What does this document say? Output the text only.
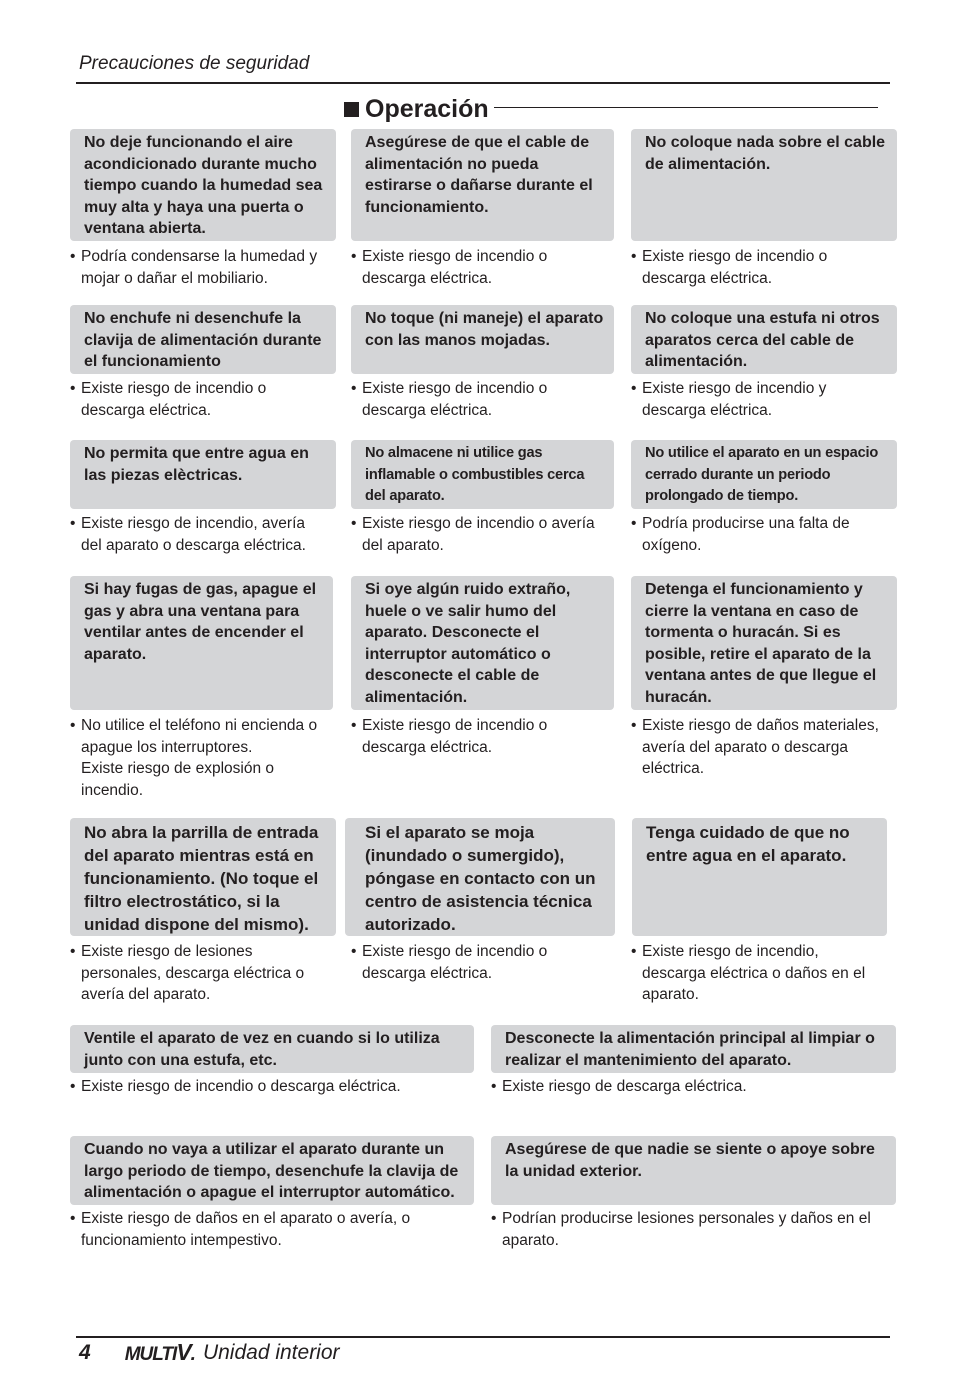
Precauciones de seguridad
Operación
No deje funcionando el aire acondicionado durante mucho tiempo cuando la humedad sea muy alta y haya una puerta o ventana abierta.
• Podría condensarse la humedad y
mojar o dañar el mobiliario.
Asegúrese de que el cable de alimentación no pueda estirarse o dañarse durante el funcionamiento.
• Existe riesgo de incendio o
descarga eléctrica.
No coloque nada sobre el cable de alimentación.
• Existe riesgo de incendio o
descarga eléctrica.
No enchufe ni desenchufe la clavija de alimentación durante el funcionamiento
• Existe riesgo de incendio o
descarga eléctrica.
No toque (ni maneje) el aparato con las manos mojadas.
• Existe riesgo de incendio o
descarga eléctrica.
No coloque una estufa ni otros aparatos cerca del cable de alimentación.
• Existe riesgo de incendio y
descarga eléctrica.
No permita que entre agua en las piezas elèctricas.
• Existe riesgo de incendio, avería
del aparato o descarga eléctrica.
No almacene ni utilice gas inflamable o combustibles cerca del aparato.
• Existe riesgo de incendio o avería
del aparato.
No utilice el aparato en un espacio cerrado durante un periodo prolongado de tiempo.
• Podría producirse una falta de
oxígeno.
Si hay fugas de gas, apague el gas y abra una ventana para ventilar antes de encender el aparato.
• No utilice el teléfono ni encienda o
apague los interruptores.
Existe riesgo de explosión o
incendio.
Si oye algún ruido extraño, huele o ve salir humo del aparato. Desconecte el interruptor automático o desconecte el cable de alimentación.
• Existe riesgo de incendio o
descarga eléctrica.
Detenga el funcionamiento y cierre la ventana en caso de tormenta o huracán. Si es posible, retire el aparato de la ventana antes de que llegue el huracán.
• Existe riesgo de daños materiales,
avería del aparato o descarga
eléctrica.
No abra la parrilla de entrada del aparato mientras está en funcionamiento. (No toque el filtro electrostático, si la unidad dispone del mismo).
• Existe riesgo de lesiones
personales, descarga eléctrica o
avería del aparato.
Si el aparato se moja (inundado o sumergido), póngase en contacto con un centro de asistencia técnica autorizado.
• Existe riesgo de incendio o
descarga eléctrica.
Tenga cuidado de que no entre agua en el aparato.
• Existe riesgo de incendio,
descarga eléctrica o daños en el
aparato.
Ventile el aparato de vez en cuando si lo utiliza junto con una estufa, etc.
• Existe riesgo de incendio o descarga eléctrica.
Desconecte la alimentación principal al limpiar o realizar el mantenimiento del aparato.
• Existe riesgo de descarga eléctrica.
Cuando no vaya a utilizar el aparato durante un largo periodo de tiempo, desenchufe la clavija de alimentación o apague el interruptor automático.
• Existe riesgo de daños en el aparato o avería, o
funcionamiento intempestivo.
Asegúrese de que nadie se siente o apoye sobre la unidad exterior.
• Podrían producirse lesiones personales y daños en el
aparato.
4 MULTIV. Unidad interior
